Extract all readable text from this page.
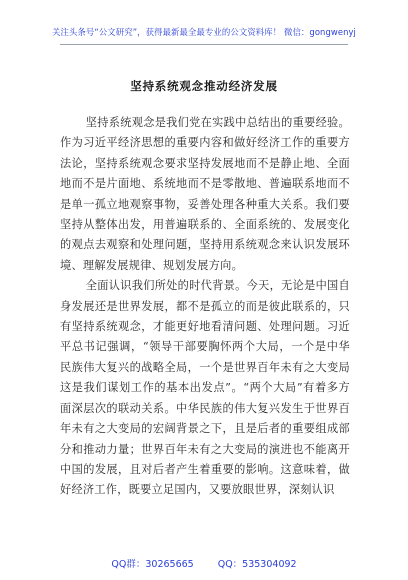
关注头条号“公文研究”，获得最新最全最专业的公文资料库！ 微信：gongwenyj
坚持系统观念推动经济发展

坚持系统观念是我们党在实践中总结出的重要经验。作为习近平经济思想的重要内容和做好经济工作的重要方法论，坚持系统观念要求坚持发展地而不是静止地、全面地而不是片面地、系统地而不是零散地、普遍联系地而不是单一孤立地观察事物，妥善处理各种重大关系。我们要坚持从整体出发，用普遍联系的、全面系统的、发展变化的观点去观察和处理问题，坚持用系统观念来认识发展环境、理解发展规律、规划发展方向。

全面认识我们所处的时代背景。今天，无论是中国自身发展还是世界发展，都不是孤立的而是彼此联系的，只有坚持系统观念，才能更好地看清问题、处理问题。习近平总书记强调，“领导干部要胸怀两个大局，一个是中华民族伟大复兴的战略全局，一个是世界百年未有之大变局这是我们谋划工作的基本出发点”。“两个大局”有着多方面深层次的联动关系。中华民族的伟大复兴发生于世界百年未有之大变局的宏阔背景之下，且是后者的重要组成部分和推动力量；世界百年未有之大变局的演进也不能离开中国的发展，且对后者产生着重要的影响。这意味着，做好经济工作，既要立足国内，又要放眼世界，深刻认识

QQ群：30265665	QQ：535304092
